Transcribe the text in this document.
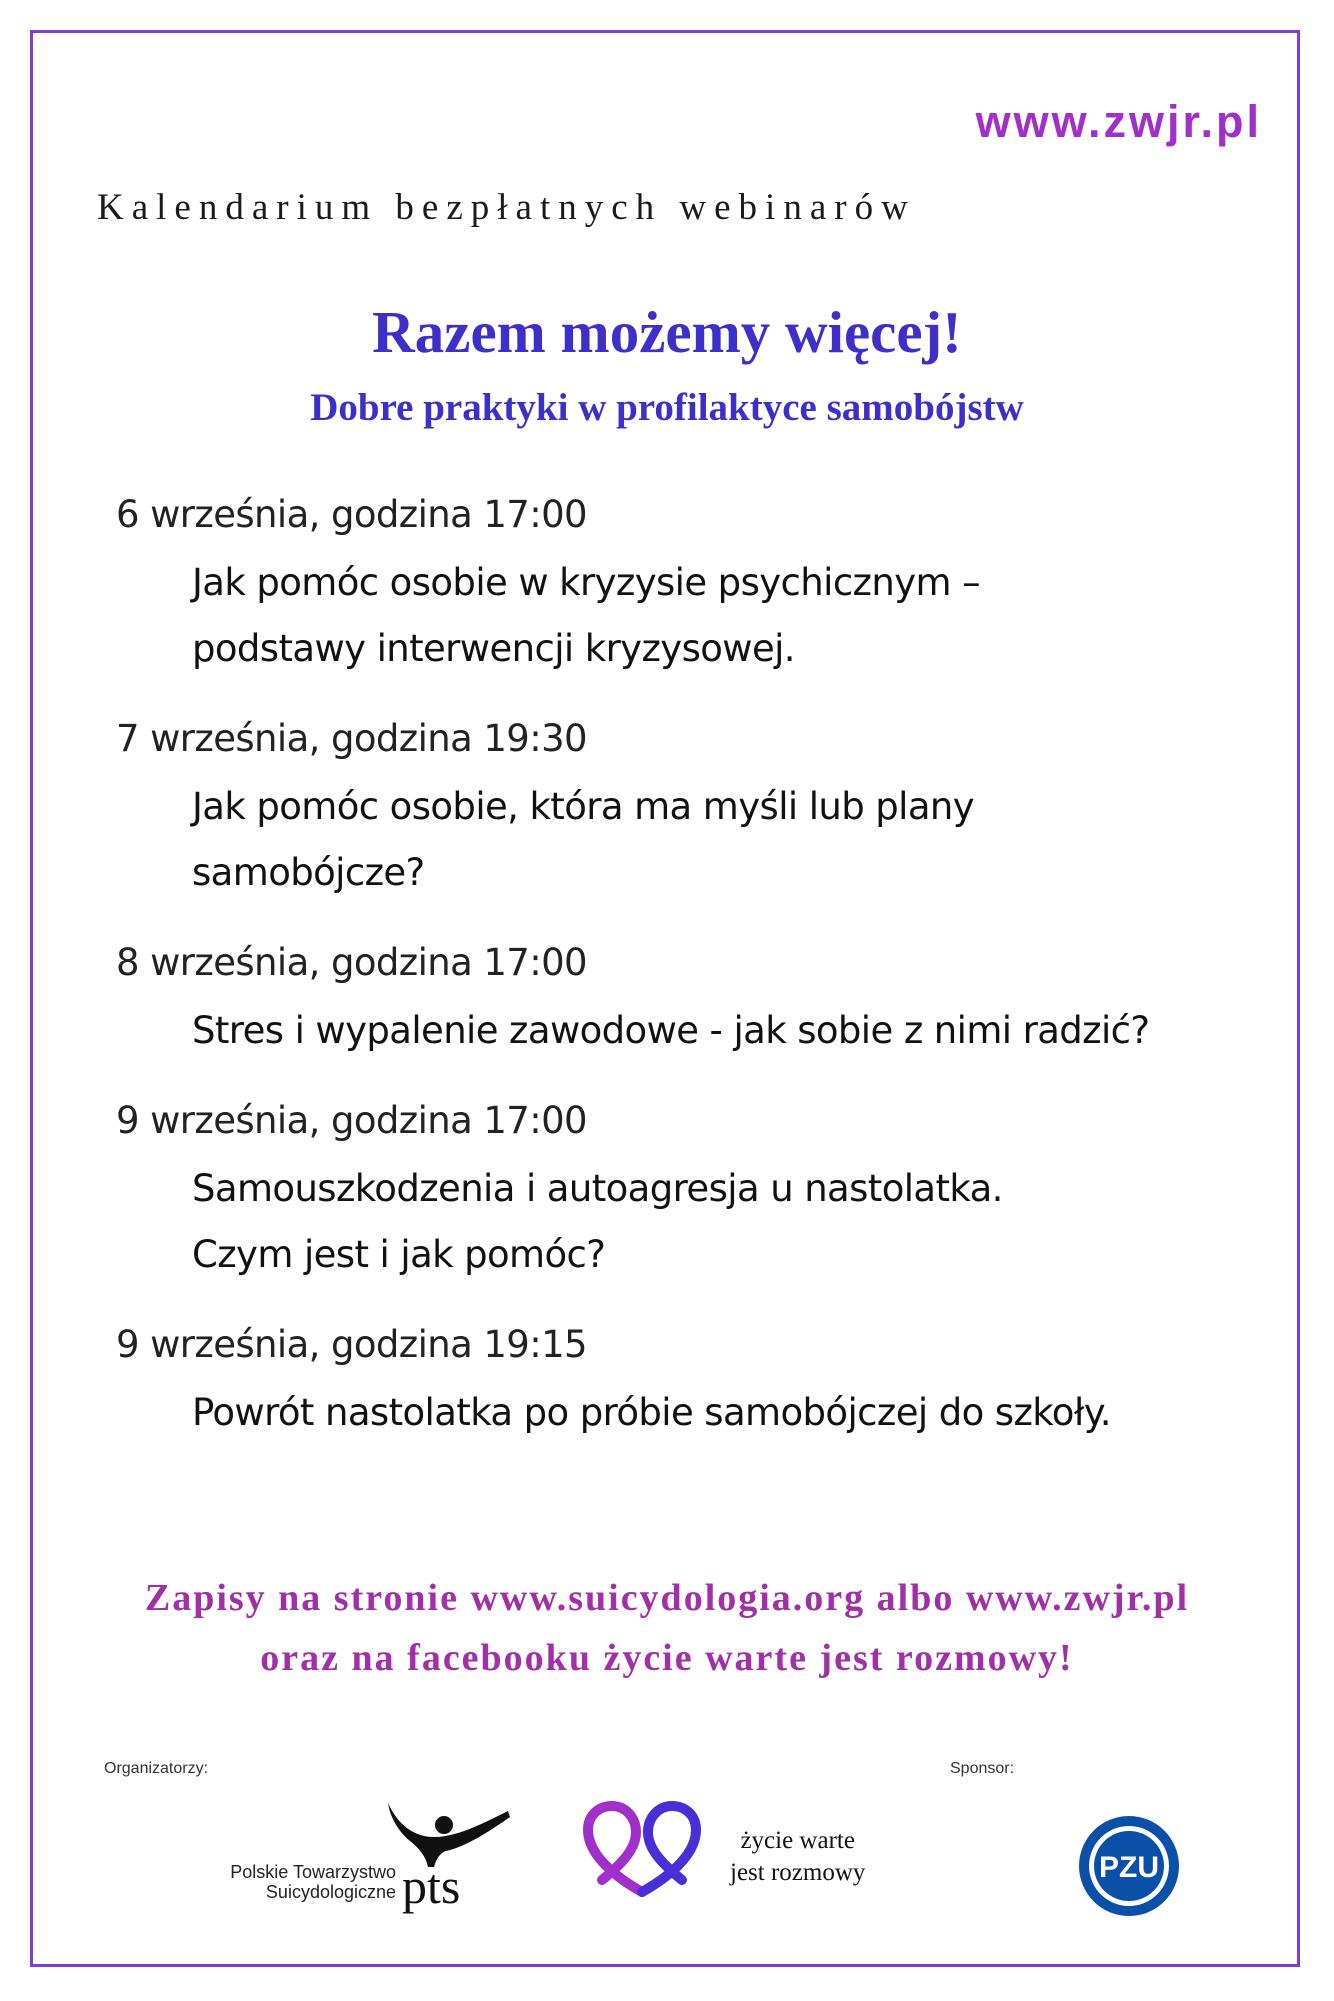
www.zwjr.pl
Kalendarium bezpłatnych webinarów
Razem możemy więcej!
Dobre praktyki w profilaktyce samobójstw
6 września, godzina 17:00
Jak pomóc osobie w kryzysie psychicznym –
podstawy interwencji kryzysowej.
7 września, godzina 19:30
Jak pomóc osobie, która ma myśli lub plany
samobójcze?
8 września, godzina 17:00
Stres i wypalenie zawodowe - jak sobie z nimi radzić?
9 września, godzina 17:00
Samouszkodzenia i autoagresja u nastolatka.
Czym jest i jak pomóc?
9 września, godzina 19:15
Powrót nastolatka po próbie samobójczej do szkoły.
Zapisy na stronie www.suicydologia.org albo www.zwjr.pl
oraz na facebooku życie warte jest rozmowy!
Organizatorzy:	Sponsor:
Polskie Towarzystwo
Suicydologiczne pts
życie warte
jest rozmowy	PZU
